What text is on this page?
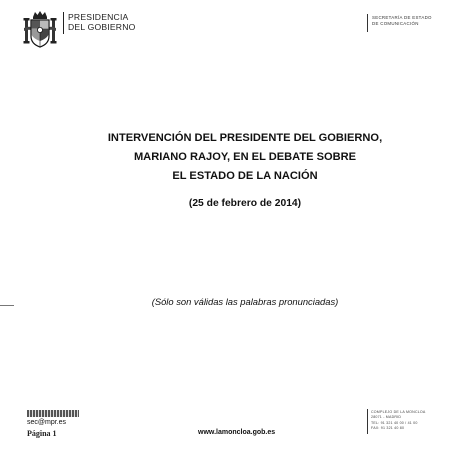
PRESIDENCIA
DEL GOBIERNO
SECRETARÍA DE ESTADO
DE COMUNICACIÓN
INTERVENCIÓN DEL PRESIDENTE DEL GOBIERNO,
MARIANO RAJOY, EN EL DEBATE SOBRE
EL ESTADO DE LA NACIÓN
(25 de febrero de 2014)
(Sólo son válidas las palabras pronunciadas)
sec@mpr.es
Página 1	www.lamoncloa.gob.es
COMPLEJO DE LA MONCLOA
28071 - MADRID
TEL: 91 321 40 00 / 41 00
FAX: 91 321 40 80
